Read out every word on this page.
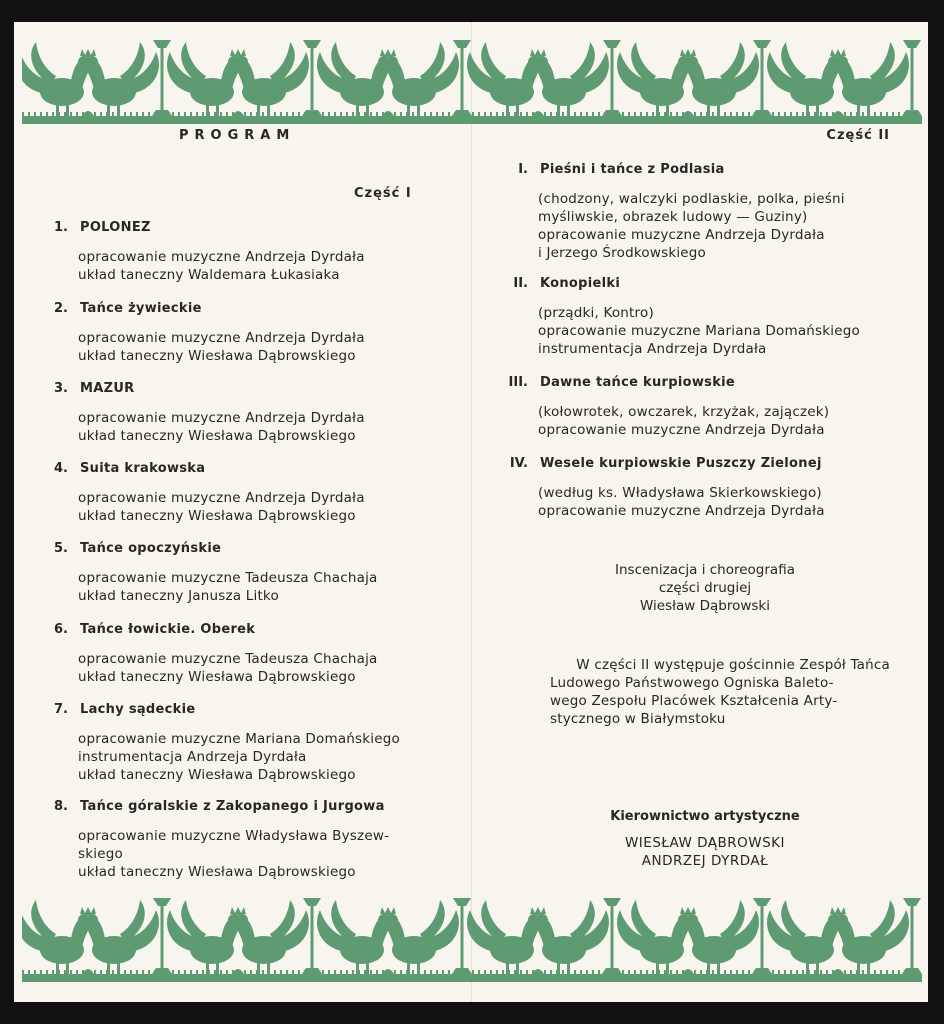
PROGRAM
Część I
1. POLONEZ
opracowanie muzyczne Andrzeja Dyrdała
układ taneczny Waldemara Łukasiaka
2. Tańce żywieckie
opracowanie muzyczne Andrzeja Dyrdała
układ taneczny Wiesława Dąbrowskiego
3. MAZUR
opracowanie muzyczne Andrzeja Dyrdała
układ taneczny Wiesława Dąbrowskiego
4. Suita krakowska
opracowanie muzyczne Andrzeja Dyrdała
układ taneczny Wiesława Dąbrowskiego
5. Tańce opoczyńskie
opracowanie muzyczne Tadeusza Chachaja
układ taneczny Janusza Litko
6. Tańce łowickie. Oberek
opracowanie muzyczne Tadeusza Chachaja
układ taneczny Wiesława Dąbrowskiego
7. Lachy sądeckie
opracowanie muzyczne Mariana Domańskiego
instrumentacja Andrzeja Dyrdała
układ taneczny Wiesława Dąbrowskiego
8. Tańce góralskie z Zakopanego i Jurgowa
opracowanie muzyczne Władysława Byszew-
skiego
układ taneczny Wiesława Dąbrowskiego
Część II
I. Pieśni i tańce z Podlasia
(chodzony, walczyki podlaskie, polka, pieśni
myśliwskie, obrazek ludowy — Guziny)
opracowanie muzyczne Andrzeja Dyrdała
i Jerzego Środkowskiego
II. Konopielki
(prządki, Kontro)
opracowanie muzyczne Mariana Domańskiego
instrumentacja Andrzeja Dyrdała
III. Dawne tańce kurpiowskie
(kołowrotek, owczarek, krzyżak, zajączek)
opracowanie muzyczne Andrzeja Dyrdała
IV. Wesele kurpiowskie Puszczy Zielonej
(według ks. Władysława Skierkowskiego)
opracowanie muzyczne Andrzeja Dyrdała
Inscenizacja i choreografia
części drugiej
Wiesław Dąbrowski
W części II występuje gościnnie Zespół Tańca
Ludowego Państwowego Ogniska Baleto-
wego Zespołu Placówek Kształcenia Arty-
stycznego w Białymstoku
Kierownictwo artystyczne
WIESŁAW DĄBROWSKI
ANDRZEJ DYRDAŁ
